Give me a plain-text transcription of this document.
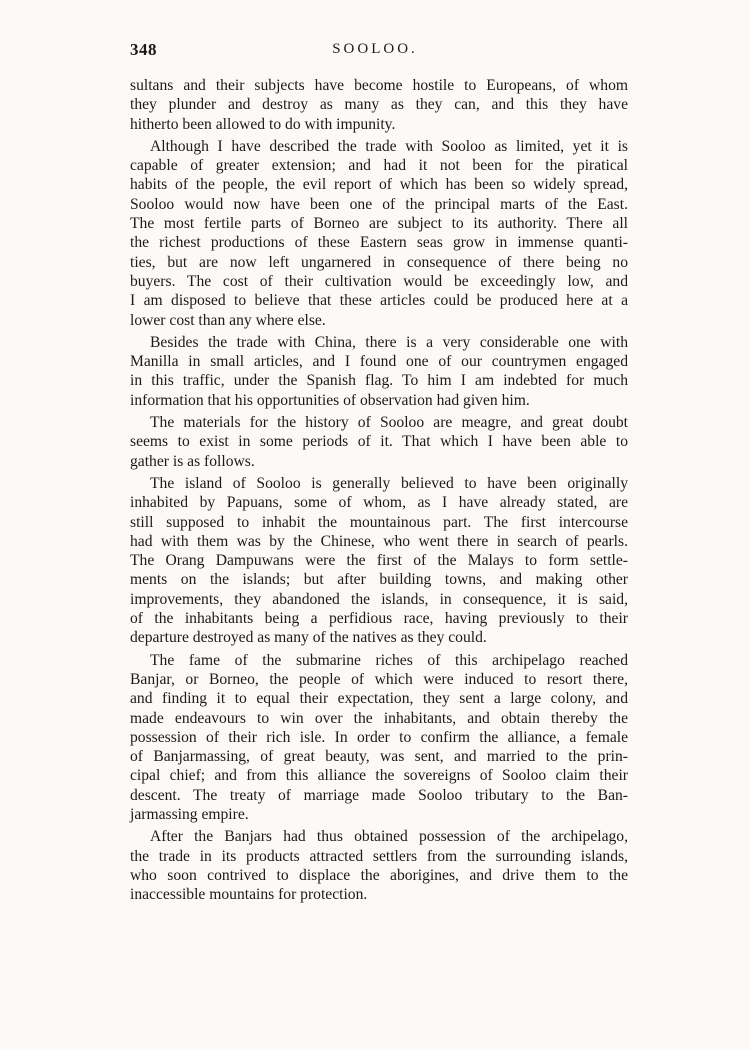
348	SOOLOO.

sultans and their subjects have become hostile to Europeans, of whom
they plunder and destroy as many as they can, and this they have
hitherto been allowed to do with impunity.

Although I have described the trade with Sooloo as limited, yet it is
capable of greater extension; and had it not been for the piratical
habits of the people, the evil report of which has been so widely spread,
Sooloo would now have been one of the principal marts of the East.
The most fertile parts of Borneo are subject to its authority. There all
the richest productions of these Eastern seas grow in immense quanti-
ties, but are now left ungarnered in consequence of there being no
buyers. The cost of their cultivation would be exceedingly low, and
I am disposed to believe that these articles could be produced here at a
lower cost than any where else.

Besides the trade with China, there is a very considerable one with
Manilla in small articles, and I found one of our countrymen engaged
in this traffic, under the Spanish flag. To him I am indebted for much
information that his opportunities of observation had given him.

The materials for the history of Sooloo are meagre, and great doubt
seems to exist in some periods of it. That which I have been able to
gather is as follows.

The island of Sooloo is generally believed to have been originally
inhabited by Papuans, some of whom, as I have already stated, are
still supposed to inhabit the mountainous part. The first intercourse
had with them was by the Chinese, who went there in search of pearls.
The Orang Dampuwans were the first of the Malays to form settle-
ments on the islands; but after building towns, and making other
improvements, they abandoned the islands, in consequence, it is said,
of the inhabitants being a perfidious race, having previously to their
departure destroyed as many of the natives as they could.

The fame of the submarine riches of this archipelago reached
Banjar, or Borneo, the people of which were induced to resort there,
and finding it to equal their expectation, they sent a large colony, and
made endeavours to win over the inhabitants, and obtain thereby the
possession of their rich isle. In order to confirm the alliance, a female
of Banjarmassing, of great beauty, was sent, and married to the prin-
cipal chief; and from this alliance the sovereigns of Sooloo claim their
descent. The treaty of marriage made Sooloo tributary to the Ban-
jarmassing empire.

After the Banjars had thus obtained possession of the archipelago,
the trade in its products attracted settlers from the surrounding islands,
who soon contrived to displace the aborigines, and drive them to the
inaccessible mountains for protection.
